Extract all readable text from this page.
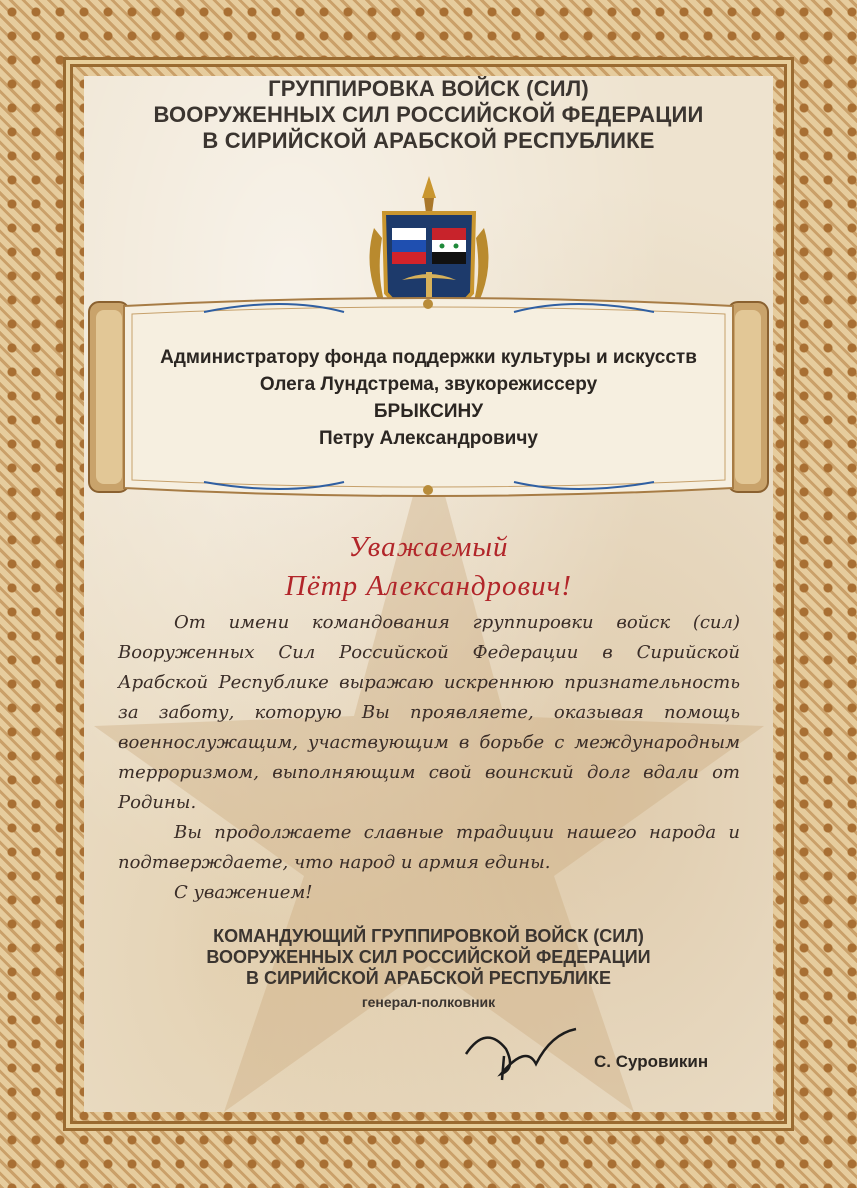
ГРУППИРОВКА ВОЙСК (СИЛ)
ВООРУЖЕННЫХ СИЛ РОССИЙСКОЙ ФЕДЕРАЦИИ
В СИРИЙСКОЙ АРАБСКОЙ РЕСПУБЛИКЕ
Администратору фонда поддержки культуры и искусств
Олега Лундстрема, звукорежиссеру
БРЫКСИНУ
Петру Александровичу
Уважаемый
Пётр Александрович!

От имени командования группировки войск (сил) Вооруженных Сил Российской Федерации в Сирийской Арабской Республике выражаю искреннюю признательность за заботу, которую Вы проявляете, оказывая помощь военнослужащим, участвующим в борьбе с международным терроризмом, выполняющим свой воинский долг вдали от Родины.

Вы продолжаете славные традиции нашего народа и подтверждаете, что народ и армия едины.

С уважением!

КОМАНДУЮЩИЙ ГРУППИРОВКОЙ ВОЙСК (СИЛ)
ВООРУЖЕННЫХ СИЛ РОССИЙСКОЙ ФЕДЕРАЦИИ
В СИРИЙСКОЙ АРАБСКОЙ РЕСПУБЛИКЕ
генерал-полковник
С. Суровикин
